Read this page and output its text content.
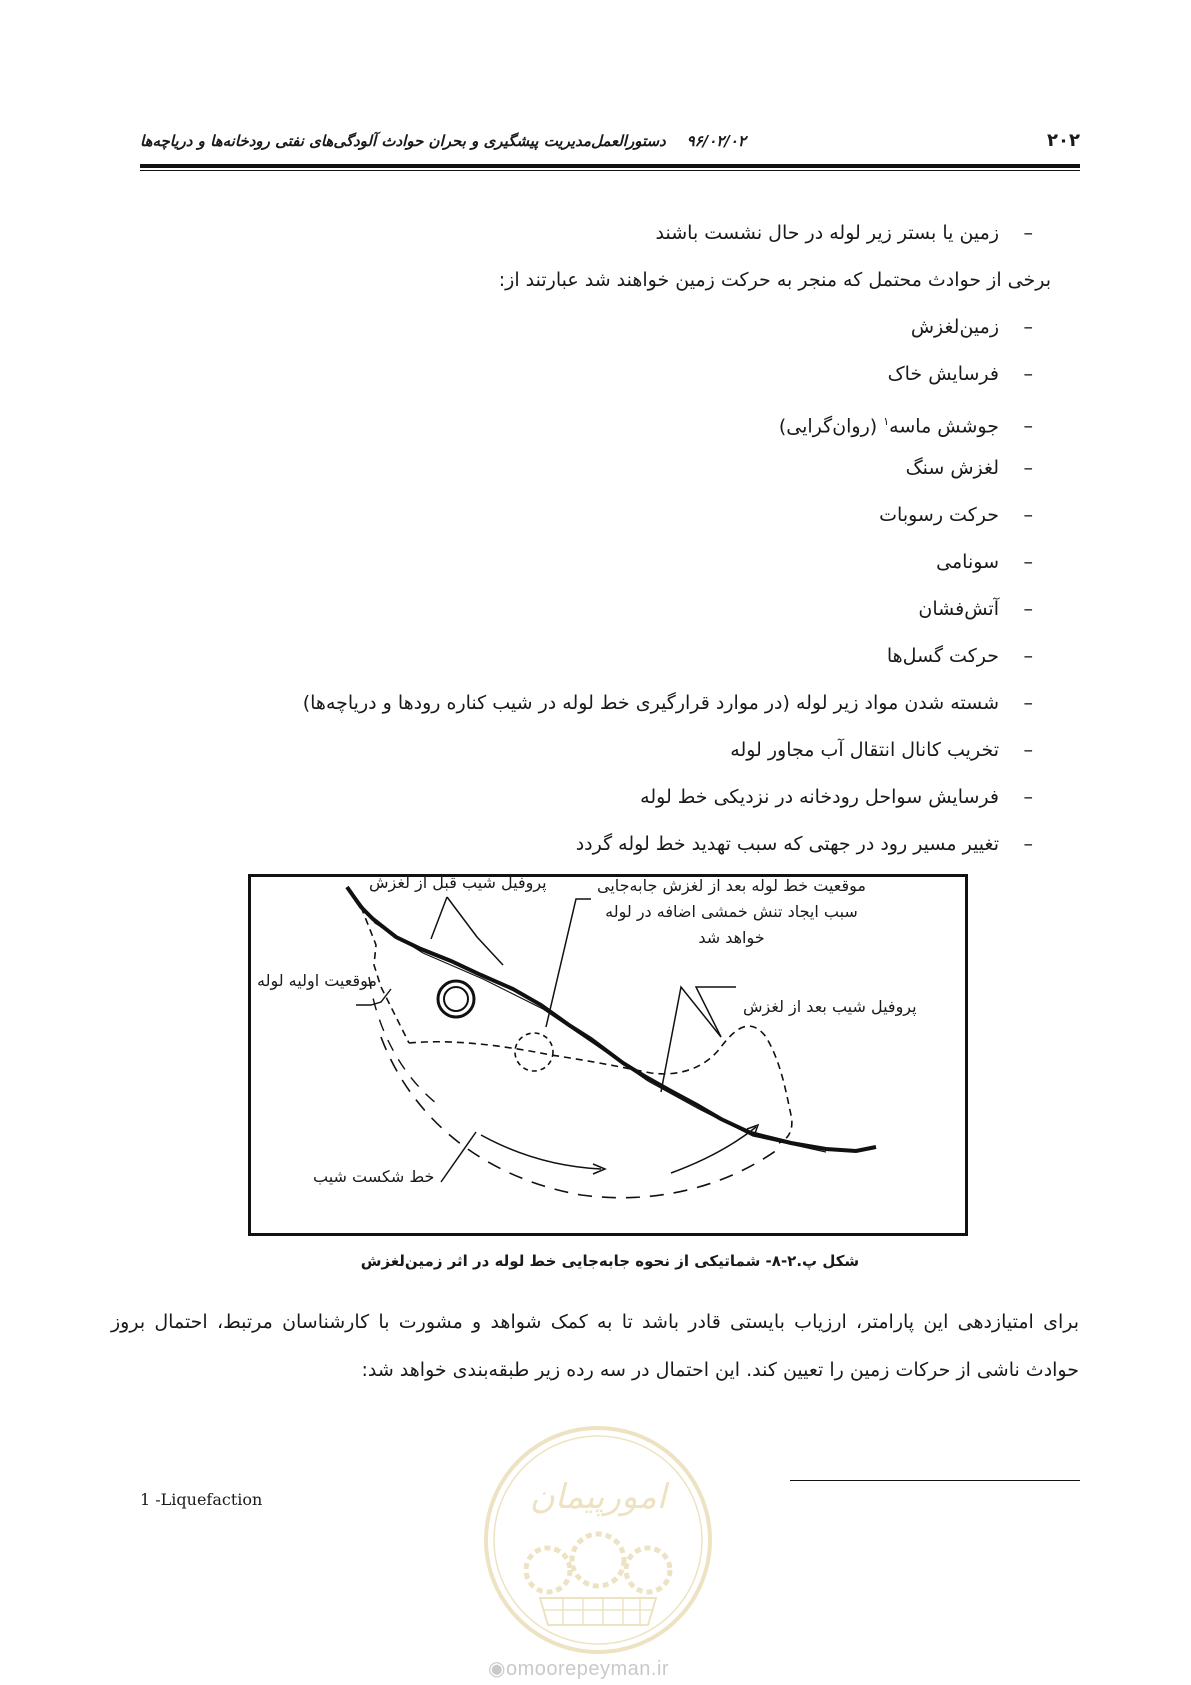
۲۰۲
۹۶/۰۲/۰۲    دستورالعمل‌مدیریت پیشگیری و بحران حوادث آلودگی‌های نفتی رودخانه‌ها و دریاچه‌ها
–زمین یا بستر زیر لوله در حال نشست باشند
برخی از حوادث محتمل که منجر به حرکت زمین خواهند شد عبارتند از:
–زمین‌لغزش
–فرسایش خاک
–جوشش ماسه$^۱$ (روان‌گرایی)
–لغزش سنگ
–حرکت رسوبات
–سونامی
–آتش‌فشان
–حرکت گسل‌ها
–شسته شدن مواد زیر لوله (در موارد قرارگیری خط لوله در شیب کناره رودها و دریاچه‌ها)
–تخریب کانال انتقال آب مجاور لوله
–فرسایش سواحل رودخانه در نزدیکی خط لوله
–تغییر مسیر رود در جهتی که سبب تهدید خط لوله گردد
پروفیل شیب قبل از لغزش	موقعیت خط لوله بعد از لغزش جابه‌جایی
سبب ایجاد تنش خمشی اضافه در لوله
خواهد شد
موقعیت اولیه لوله
پروفیل شیب بعد از لغزش
خط شکست شیب
شکل پ.۲-۸- شماتیکی از نحوه جابه‌جایی خط لوله در اثر زمین‌لغزش
برای امتیازدهی این پارامتر، ارزیاب بایستی قادر باشد تا به کمک شواهد و مشورت با کارشناسان مرتبط، احتمال بروز
حوادث ناشی از حرکات زمین را تعیین کند. این احتمال در سه رده زیر طبقه‌بندی خواهد شد:
1 -Liquefaction	امورپیمان
◉omoorepeyman.ir
